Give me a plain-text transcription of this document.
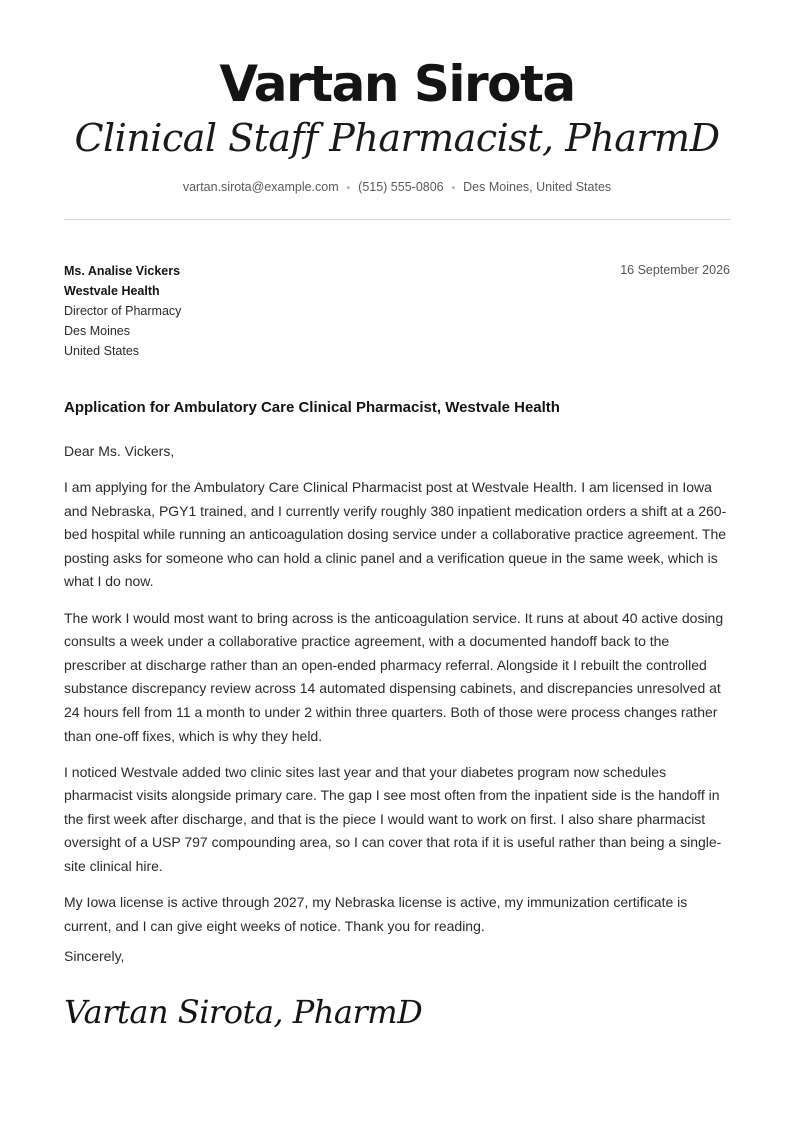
Vartan Sirota
Clinical Staff Pharmacist, PharmD
vartan.sirota@example.com • (515) 555-0806 • Des Moines, United States
Ms. Analise Vickers
Westvale Health
Director of Pharmacy
Des Moines
United States
16 September 2026
Application for Ambulatory Care Clinical Pharmacist, Westvale Health

Dear Ms. Vickers,

I am applying for the Ambulatory Care Clinical Pharmacist post at Westvale Health. I am licensed in Iowa and Nebraska, PGY1 trained, and I currently verify roughly 380 inpatient medication orders a shift at a 260-bed hospital while running an anticoagulation dosing service under a collaborative practice agreement. The posting asks for someone who can hold a clinic panel and a verification queue in the same week, which is what I do now.

The work I would most want to bring across is the anticoagulation service. It runs at about 40 active dosing consults a week under a collaborative practice agreement, with a documented handoff back to the prescriber at discharge rather than an open-ended pharmacy referral. Alongside it I rebuilt the controlled substance discrepancy review across 14 automated dispensing cabinets, and discrepancies unresolved at 24 hours fell from 11 a month to under 2 within three quarters. Both of those were process changes rather than one-off fixes, which is why they held.

I noticed Westvale added two clinic sites last year and that your diabetes program now schedules pharmacist visits alongside primary care. The gap I see most often from the inpatient side is the handoff in the first week after discharge, and that is the piece I would want to work on first. I also share pharmacist oversight of a USP 797 compounding area, so I can cover that rota if it is useful rather than being a single-site clinical hire.

My Iowa license is active through 2027, my Nebraska license is active, my immunization certificate is current, and I can give eight weeks of notice. Thank you for reading.

Sincerely,
Vartan Sirota, PharmD
